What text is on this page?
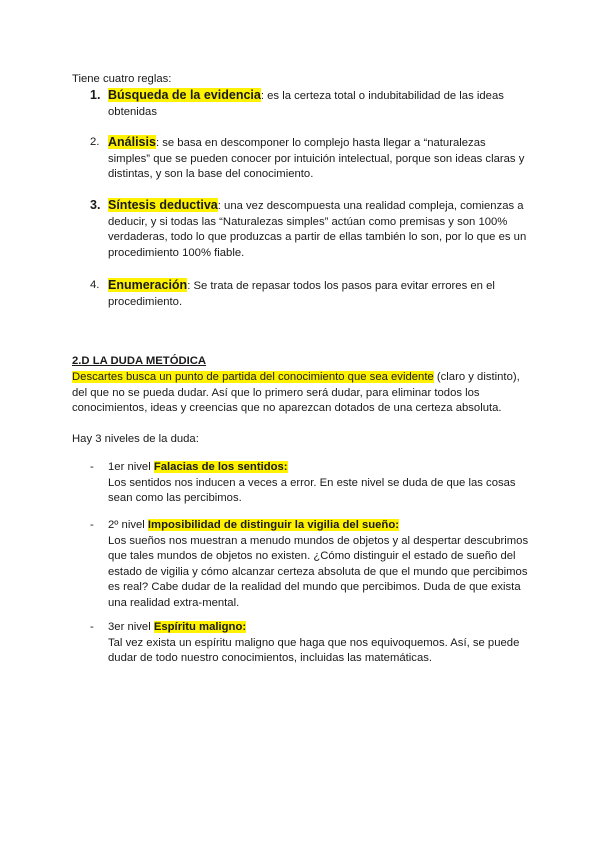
Tiene cuatro reglas:
1. Búsqueda de la evidencia: es la certeza total o indubitabilidad de las ideas obtenidas
2. Análisis: se basa en descomponer lo complejo hasta llegar a “naturalezas simples” que se pueden conocer por intuición intelectual, porque son ideas claras y distintas, y son la base del conocimiento.
3. Síntesis deductiva: una vez descompuesta una realidad compleja, comienzas a deducir, y si todas las “Naturalezas simples” actúan como premisas y son 100% verdaderas, todo lo que produzcas a partir de ellas también lo son, por lo que es un procedimiento 100% fiable.
4. Enumeración: Se trata de repasar todos los pasos para evitar errores en el procedimiento.
2.D LA DUDA METÓDICA
Descartes busca un punto de partida del conocimiento que sea evidente (claro y distinto), del que no se pueda dudar. Así que lo primero será dudar, para eliminar todos los conocimientos, ideas y creencias que no aparezcan dotados de una certeza absoluta.
Hay 3 niveles de la duda:
- 1er nivel Falacias de los sentidos:
Los sentidos nos inducen a veces a error. En este nivel se duda de que las cosas sean como las percibimos.
- 2º nivel Imposibilidad de distinguir la vigilia del sueño:
Los sueños nos muestran a menudo mundos de objetos y al despertar descubrimos que tales mundos de objetos no existen. ¿Cómo distinguir el estado de sueño del estado de vigilia y cómo alcanzar certeza absoluta de que el mundo que percibimos es real? Cabe dudar de la realidad del mundo que percibimos. Duda de que exista una realidad extra-mental.
- 3er nivel Espíritu maligno:
Tal vez exista un espíritu maligno que haga que nos equivoquemos. Así, se puede dudar de todo nuestro conocimientos, incluidas las matemáticas.
